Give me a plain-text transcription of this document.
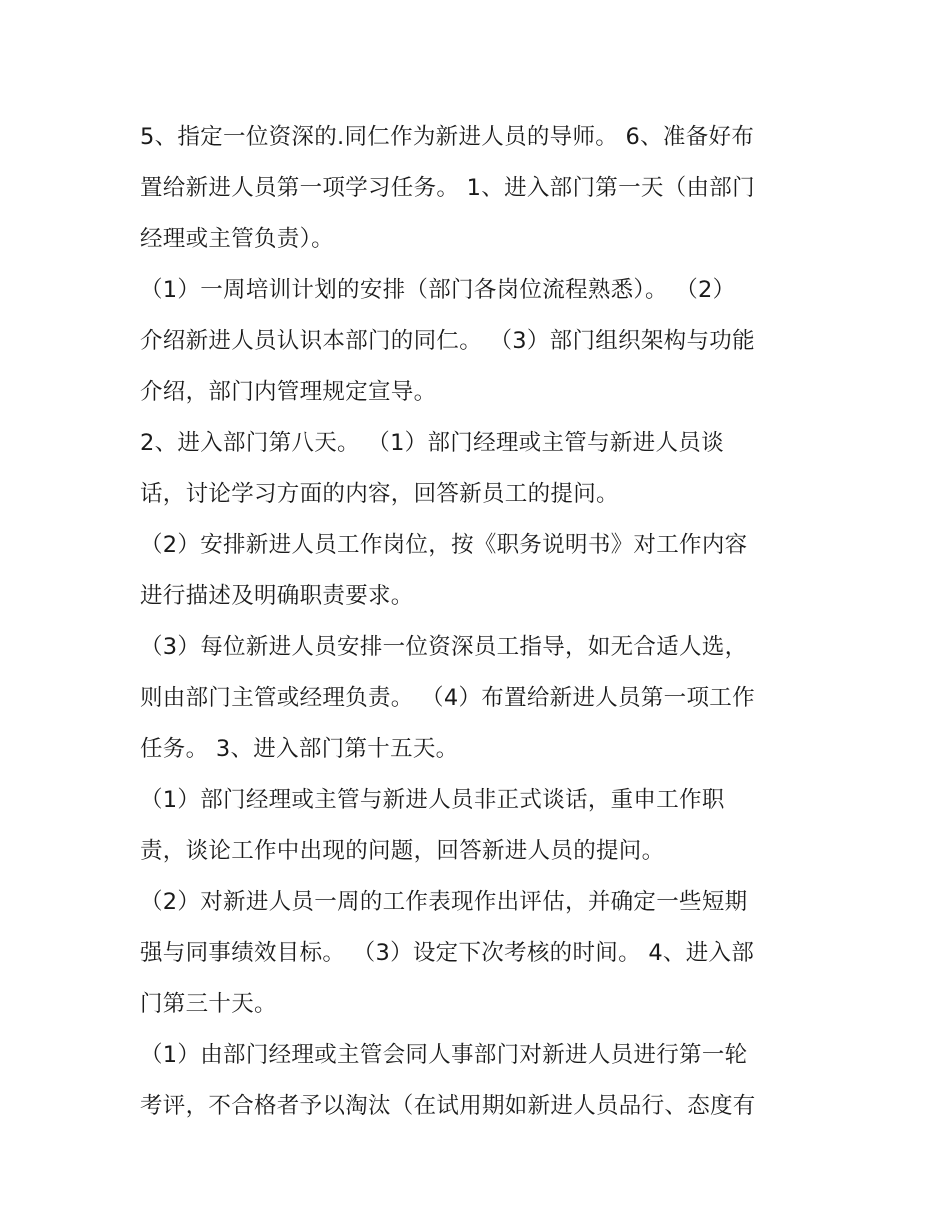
5、指定一位资深的.同仁作为新进人员的导师。 6、准备好布
置给新进人员第一项学习任务。 1、进入部门第一天（由部门
经理或主管负责）。
（1）一周培训计划的安排（部门各岗位流程熟悉）。 （2）
介绍新进人员认识本部门的同仁。 （3）部门组织架构与功能
介绍，部门内管理规定宣导。
2、进入部门第八天。 （1）部门经理或主管与新进人员谈
话，讨论学习方面的内容，回答新员工的提问。
（2）安排新进人员工作岗位，按《职务说明书》对工作内容
进行描述及明确职责要求。
（3）每位新进人员安排一位资深员工指导，如无合适人选，
则由部门主管或经理负责。 （4）布置给新进人员第一项工作
任务。 3、进入部门第十五天。
（1）部门经理或主管与新进人员非正式谈话，重申工作职
责，谈论工作中出现的问题，回答新进人员的提问。
（2）对新进人员一周的工作表现作出评估，并确定一些短期
强与同事绩效目标。 （3）设定下次考核的时间。 4、进入部
门第三十天。
（1）由部门经理或主管会同人事部门对新进人员进行第一轮
考评，不合格者予以淘汰（在试用期如新进人员品行、态度有
